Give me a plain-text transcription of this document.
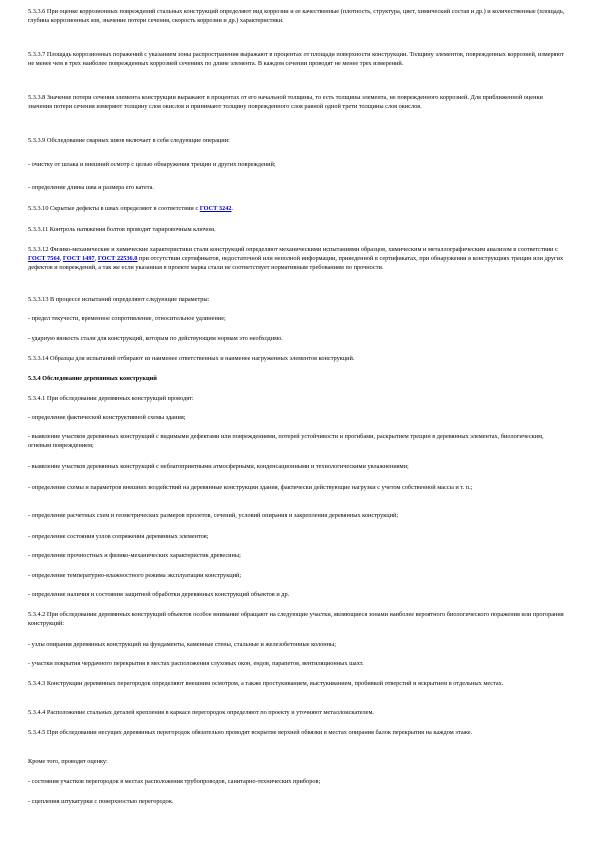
5.3.3.6 При оценке коррозионных повреждений стальных конструкций определяют вид коррозии и ее качественные (плотность, структура, цвет, химический состав и др.) и количественные (площадь, глубина коррозионных язв, значение потери сечения, скорость коррозии и др.) характеристики.

5.3.3.7 Площадь коррозионных поражений с указанием зоны распространения выражают в процентах от площади поверхности конструкции. Толщину элементов, поврежденных коррозией, измеряют не менее чем в трех наиболее поврежденных коррозией сечениях по длине элемента. В каждом сечении проводят не менее трех измерений.

5.3.3.8 Значение потери сечения элемента конструкции выражают в процентах от его начальной толщины, то есть толщины элемента, не поврежденного коррозией. Для приближенной оценки значения потери сечения измеряют толщину слоя окислов и принимают толщину поврежденного слоя равной одной трети толщины слоя окислов.

5.3.3.9 Обследование сварных швов включает в себя следующие операции:

- очистку от шлака и внешний осмотр с целью обнаружения трещин и других повреждений;

- определение длины шва и размера его катета.

5.3.3.10 Скрытые дефекты в швах определяют в соответствии с ГОСТ 3242.

5.3.3.11 Контроль натяжения болтов проводят тарировочным ключом.

5.3.3.12 Физико-механические и химические характеристики стали конструкций определяют механическими испытаниями образцов, химическим и металлографическим анализом в соответствии с ГОСТ 7564, ГОСТ 1497, ГОСТ 22536.0 при отсутствии сертификатов, недостаточной или неполной информации, приведенной в сертификатах, при обнаружении в конструкциях трещин или других дефектов и повреждений, а так же если указанная в проекте марка стали не соответствует нормативным требованиям по прочности.

5.3.3.13 В процессе испытаний определяют следующие параметры:

- предел текучести, временное сопротивление, относительное удлинение;

- ударную вязкость стали для конструкций, которым по действующим нормам это необходимо.

5.3.3.14 Образцы для испытаний отбирают из наименее ответственных и наименее нагруженных элементов конструкций.

5.3.4 Обследование деревянных конструкций

5.3.4.1 При обследовании деревянных конструкций проводят:

- определение фактической конструктивной схемы здания;

- выявление участков деревянных конструкций с видимыми дефектами или повреждениями, потерей устойчивости и прогибами, раскрытием трещин в деревянных элементах, биологическим, огневым повреждением;

- выявление участков деревянных конструкций с неблагоприятными атмосферными, конденсационными и технологическими увлажнениями;

- определение схемы и параметров внешних воздействий на деревянные конструкции здания, фактически действующие нагрузки с учетом собственной массы и т. п.;

- определение расчетных схем и геометрических размеров пролетов, сечений, условий опирания и закрепления деревянных конструкций;

- определение состояния узлов сопряжения деревянных элементов;

- определение прочностных и физико-механических характеристик древесины;

- определение температурно-влажностного режима эксплуатации конструкций;

- определение наличия и состояния защитной обработки деревянных конструкций объектов и др.

5.3.4.2 При обследовании деревянных конструкций объектов особое внимание обращают на следующие участки, являющиеся зонами наиболее вероятного биологического поражения или прогорания конструкций:

- узлы опирания деревянных конструкций на фундаменты, каменные стены, стальные и железобетонные колонны;

- участки покрытия чердачного перекрытия в местах расположения слуховых окон, ендов, парапетов, вентиляционных шахт.

5.3.4.3 Конструкции деревянных перегородок определяют внешним осмотром, а также простукиванием, выстукиванием, пробивкой отверстий и вскрытием в отдельных местах.

5.3.4.4 Расположение стальных деталей крепления в каркасе перегородок определяют по проекту и уточняют металлоискателем.

5.3.4.5 При обследовании несущих деревянных перегородок обязательно проводят вскрытие верхней обвязки в местах опирания балок перекрытия на каждом этаже.

Кроме того, проводят оценку:

- состояния участков перегородок в местах расположения трубопроводов, санитарно-технических приборов;

- сцепления штукатурки с поверхностью перегородок.
